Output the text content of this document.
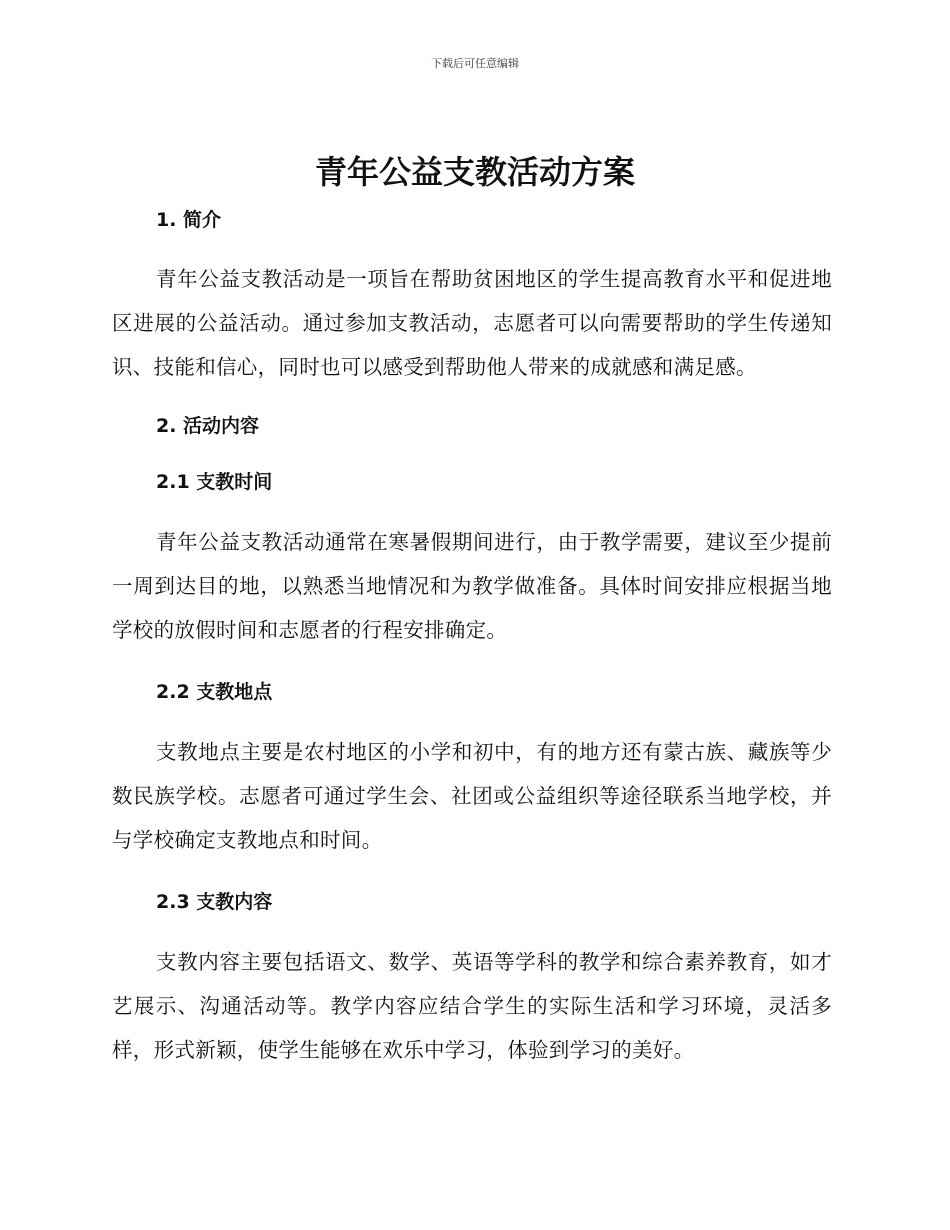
下载后可任意编辑
青年公益支教活动方案
1. 简介

青年公益支教活动是一项旨在帮助贫困地区的学生提高教育水平和促进地区进展的公益活动。通过参加支教活动，志愿者可以向需要帮助的学生传递知识、技能和信心，同时也可以感受到帮助他人带来的成就感和满足感。

2. 活动内容
2.1 支教时间

青年公益支教活动通常在寒暑假期间进行，由于教学需要，建议至少提前一周到达目的地，以熟悉当地情况和为教学做准备。具体时间安排应根据当地学校的放假时间和志愿者的行程安排确定。

2.2 支教地点

支教地点主要是农村地区的小学和初中，有的地方还有蒙古族、藏族等少数民族学校。志愿者可通过学生会、社团或公益组织等途径联系当地学校，并与学校确定支教地点和时间。

2.3 支教内容

支教内容主要包括语文、数学、英语等学科的教学和综合素养教育，如才艺展示、沟通活动等。教学内容应结合学生的实际生活和学习环境，灵活多样，形式新颖，使学生能够在欢乐中学习，体验到学习的美好。
